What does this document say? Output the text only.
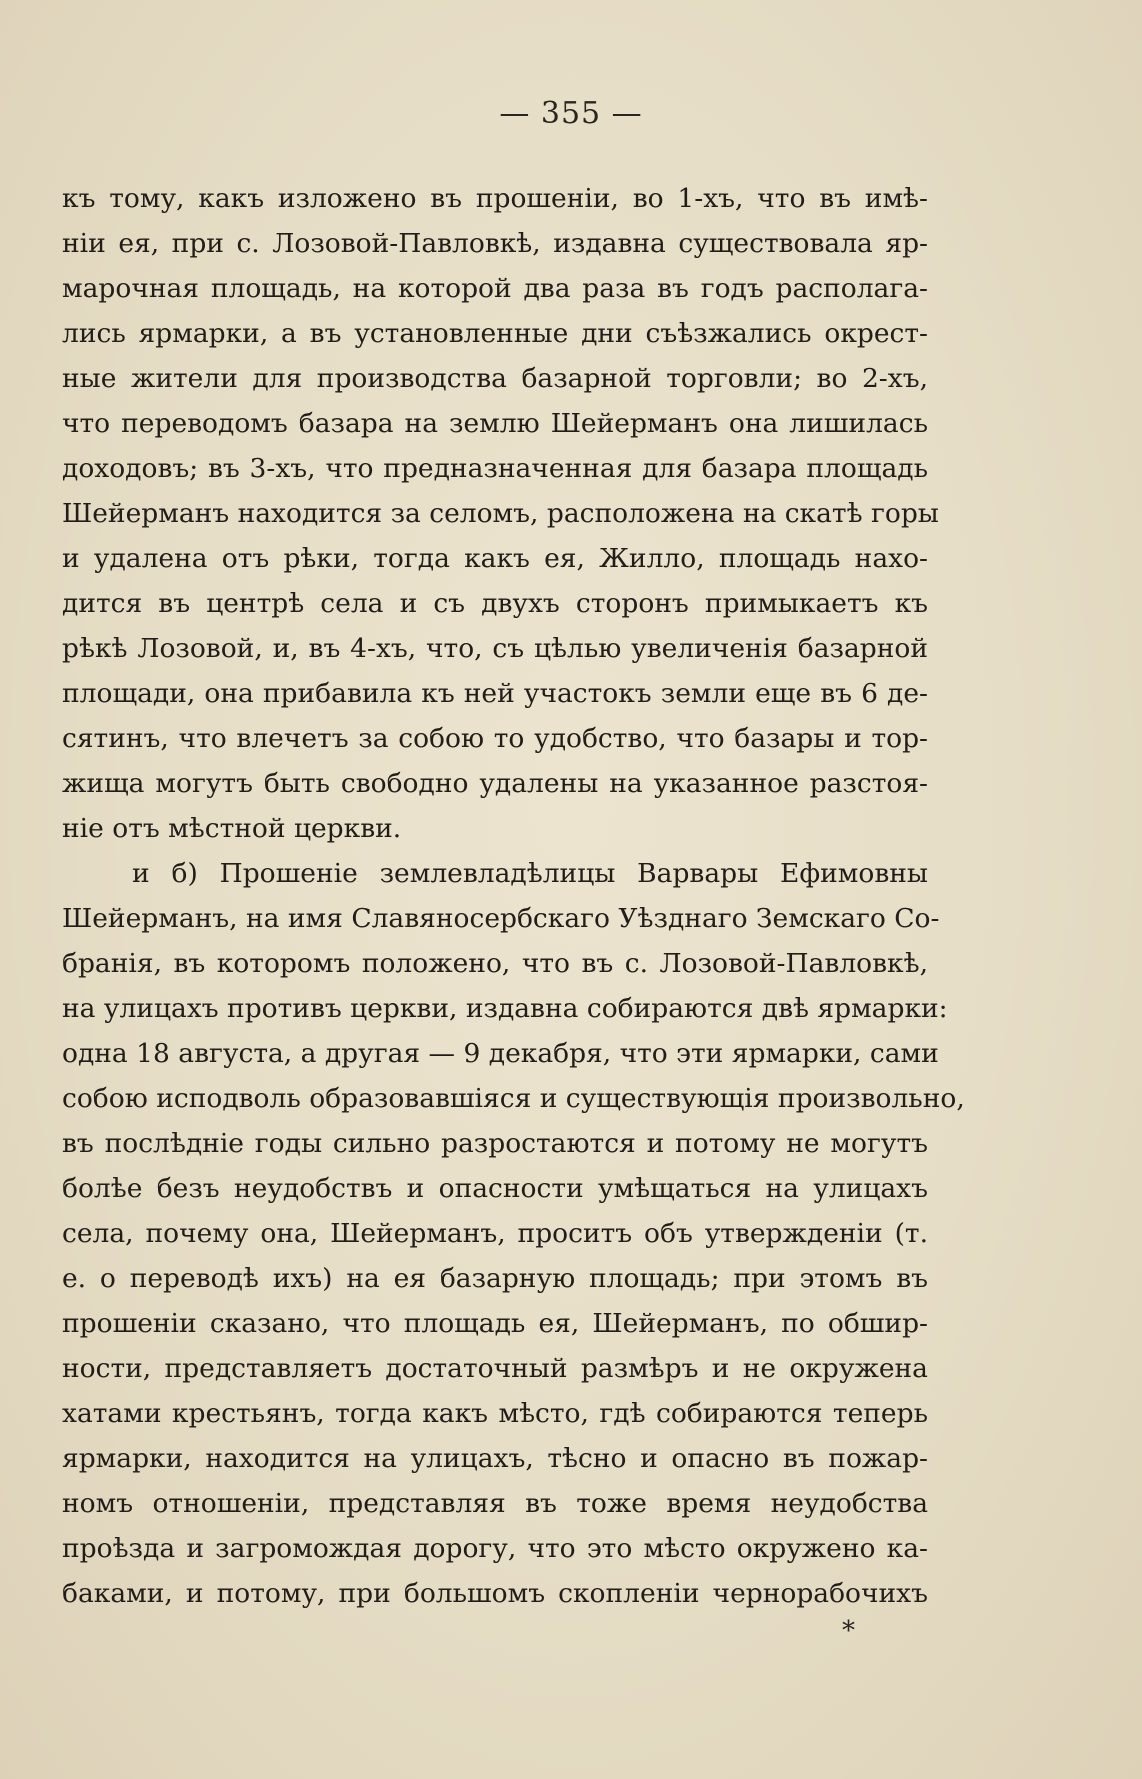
— 355 —
къ тому, какъ изложено въ прошеніи, во 1-хъ, что въ имѣ-
ніи ея, при с. Лозовой-Павловкѣ, издавна существовала яр-
марочная площадь, на которой два раза въ годъ располага-
лись ярмарки, а въ установленные дни съѣзжались окрест-
ные жители для производства базарной торговли; во 2-хъ,
что переводомъ базара на землю Шейерманъ она лишилась
доходовъ; въ 3-хъ, что предназначенная для базара площадь
Шейерманъ находится за селомъ, расположена на скатѣ горы
и удалена отъ рѣки, тогда какъ ея, Жилло, площадь нахо-
дится въ центрѣ села и съ двухъ сторонъ примыкаетъ къ
рѣкѣ Лозовой, и, въ 4-хъ, что, съ цѣлью увеличенія базарной
площади, она прибавила къ ней участокъ земли еще въ 6 де-
сятинъ, что влечетъ за собою то удобство, что базары и тор-
жища могутъ быть свободно удалены на указанное разстоя-
ніе отъ мѣстной церкви.
и б) Прошеніе землевладѣлицы Варвары Ефимовны
Шейерманъ, на имя Славяносербскаго Уѣзднаго Земскаго Со-
бранія, въ которомъ положено, что въ с. Лозовой-Павловкѣ,
на улицахъ противъ церкви, издавна собираются двѣ ярмарки:
одна 18 августа, а другая — 9 декабря, что эти ярмарки, сами
собою исподволь образовавшіяся и существующія произвольно,
въ послѣдніе годы сильно разростаются и потому не могутъ
болѣе безъ неудобствъ и опасности умѣщаться на улицахъ
села, почему она, Шейерманъ, проситъ объ утвержденіи (т.
е. о переводѣ ихъ) на ея базарную площадь; при этомъ въ
прошеніи сказано, что площадь ея, Шейерманъ, по обшир-
ности, представляетъ достаточный размѣръ и не окружена
хатами крестьянъ, тогда какъ мѣсто, гдѣ собираются теперь
ярмарки, находится на улицахъ, тѣсно и опасно въ пожар-
номъ отношеніи, представляя въ тоже время неудобства
проѣзда и загромождая дорогу, что это мѣсто окружено ка-
баками, и потому, при большомъ скопленіи чернорабочихъ
*
